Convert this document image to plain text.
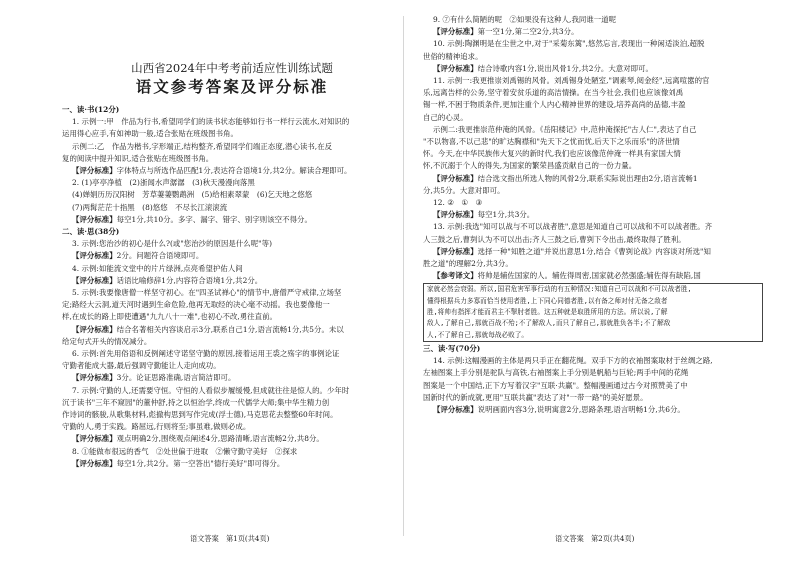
山西省2024年中考考前适应性训练试题
语文参考答案及评分标准
一、读·书(12分)
1. 示例一:甲　作品为行书,希望同学们的读书状态能够如行书一样行云流水,对知识的
运用得心应手,有如神助一般,适合张贴在班级图书角。
示例二:乙　作品为楷书,字形端正,结构整齐,希望同学们端正态度,潜心读书,在反
复的阅读中提升知识,适合张贴在班级图书角。
【评分标准】字体特点与所选作品匹配1分,表达符合语境1分,共2分。解读合理即可。
2. (1)亭亭净植　(2)浙闻水声潺潺　(3)秋天漫漫向落黑
(4)婵娟历历汉阳树　芳草萋萋鹦鹉洲　(5)给相素翠蒙　(6)乞天地之悠悠
(7)两髯茫茫十指黑　(8)悠悠　不尽长江滚滚流
【评分标准】每空1分,共10分。多字、漏字、错字、别字则该空不得分。
二、读·思(38分)
3. 示例:您治沙的初心是什么?(或"您治沙的原因是什么呢"等)
【评分标准】2分。问题符合语境即可。
4. 示例:如能流文堂中的片片绿洲,点亮希望护佑人间
【评分标准】话语比喻修辞1分,内容符合语境1分,共2分。
5. 示例:我要像唐僧一样坚守初心。在"四圣试禅心"的情节中,唐僧严守戒律,立场坚
定;路经大云洞,道天河时遇到生命危险,他再无取经的决心毫不动摇。我也要像他一
样,在成长的路上即使遭遇"九九八十一难",也初心不改,勇往直前。
【评分标准】结合名著相关内容谈启示3分,联系自己1分,语言流畅1分,共5分。未以
给定句式开头的情况减分。
6. 示例:首先用俗语和反例阐述守诺坚守勤的原因,接着运用王裘之殇字的事例论证
守勤者能成大器,最后强调守勤能让人走向成功。
【评分标准】3分。论证思路准确,语言简洁即可。
7. 示例:守勤的人,还需要守恒。守恒的人看似步履缓慢,但成就往往是惊人的。少年时
沉于读书"三年不窥园"的董仲舒,持之以恒治学,终成一代儒学大师;集中华生精力创
作诗词的骸骏,从歌集材料,彪撤构思到写作完成(浮士德),马克思花去整整60年时间。
守勤的人,勇于实践。路屈远,行则将至;事虽难,做则必成。
【评分标准】观点明确2分,围绕观点阐述4分,思路清晰,语言流畅2分,共8分。
8. ①能做布很远的香气　②处世偏于进取　②懒守勤守美好　②探求
【评分标准】每空1分,共2分。第一空答出"德行美好"即可得分。
9. ⑦有什么简陋的呢　②如果没有这种人,我同谁一道呢
【评分标准】第一空1分,第二空2分,共3分。
10. 示例:陶渊明是在尘世之中,对于"采菊东篱",悠然忘言,表现出一种闲适淡泊,超脱
世俗的精神追求。
【评分标准】结合诗歌内容1分,说出风骨1分,共2分。大意对即可。
11. 示例一:我更推崇刘禹锡的风骨。刘禹锡身处陋室,"调素琴,阅金经",远离喧嚣的官
乐,远离告样的公务,坚守着安贫乐道的高洁情操。在当今社会,我们也应该像刘禹
锡一样,不困于物质条件,更加注重个人内心精神世界的建设,培养高尚的品德,丰盈
自己的心灵。
示例二:我更推崇范仲淹的风骨。《岳阳楼记》中,范仲淹探托"古人仁",表达了自己
"不以物喜,不以己悲"的旷达胸襟和"先天下之忧而忧,后天下之乐而乐"的济世情
怀。今天,在中华民族伟大复兴的新时代,我们也应该像范仲淹一样具有家国大情
怀,不沉溺于个人的得失,为国家的繁荣昌盛贡献自己的一份力量。
【评分标准】结合选文指出所选人物的风骨2分,联系实际说出理由2分,语言流畅1
分,共5分。大意对即可。
12. ②　①　③
【评分标准】每空1分,共3分。
13. 示例:我选"知可以战与不可以战者胜",意思是知道自己可以战和不可以战者胜。齐
人三鼓之后,曹刿认为不可以出击;齐人三鼓之后,曹刿下令出击,最终取得了胜利。
【评分标准】选择一种"知胜之道"并说出意思1分,结合《曹刿论战》内容谈对所选"知
胜之道"的理解2分,共3分。
【参考译文】将帅是辅佐国家的人。辅佐得周密,国家就必然强盛;辅佐得有缺陷,国
家就必然会衰弱。所以,国君危害军事行动的有五种情况:知道自己可以战和不可以战者胜,
懂得根据兵力多寡而恰当使用者胜,上下同心同德者胜,以有备之师对付无备之敌者
胜,将帅有指挥才能而君主不掣肘者胜。这五种就是取胜所用的方法。所以说,了解
敌人,了解自己,那就百战不殆;不了解敌人,而只了解自己,那就胜负各半;不了解敌
人,不了解自己,那就每战必败了。
三、读·写(70分)
14. 示例:这幅漫画的主体是两只手正在翻花绳。双手下方的衣袖图案取材于丝绸之路,
左袖图案上手分别是驼队与高铁,右袖图案上手分别是帆船与巨轮;两手中间的花绳
图案是一个中国结,正下方写着汉字"互联·共赢"。整幅漫画通过古今对照赞美了中
国新时代的新成就,更用"互联共赢"表达了对"一带一路"的美好愿景。
【评分标准】说明画面内容3分,说明寓意2分,思路条理,语言明畅1分,共6分。
语文答案　第1页(共4页)	语文答案　第2页(共4页)
